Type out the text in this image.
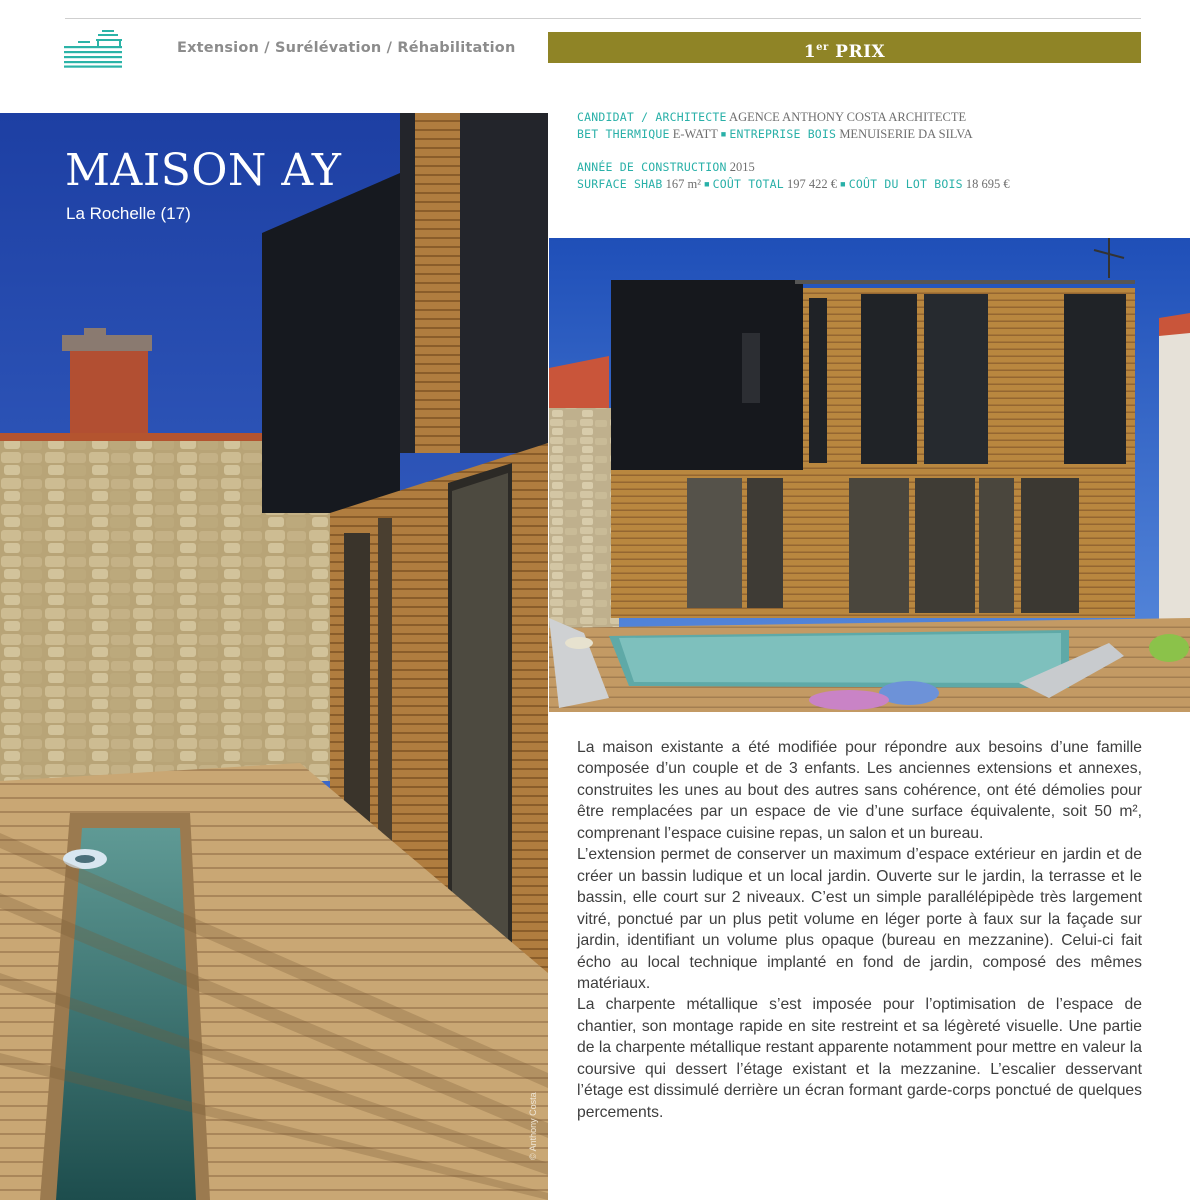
Extension / Surélévation / Réhabilitation	1er PRIX
MAISON AY
La Rochelle (17)
© Anthony Costa
CANDIDAT / ARCHITECTE AGENCE ANTHONY COSTA ARCHITECTE
BET THERMIQUE E-WATT ■ ENTREPRISE BOIS MENUISERIE DA SILVA
ANNÉE DE CONSTRUCTION 2015
SURFACE SHAB 167 m² ■ COÛT TOTAL 197 422 € ■ COÛT DU LOT BOIS 18 695 €

La maison existante a été modifiée pour répondre aux besoins d’une famille composée d’un couple et de 3 enfants. Les anciennes extensions et annexes, construites les unes au bout des autres sans cohérence, ont été démolies pour être remplacées par un espace de vie d’une surface équivalente, soit 50 m², comprenant l’espace cuisine repas, un salon et un bureau.

L’extension permet de conserver un maximum d’espace extérieur en jardin et de créer un bassin ludique et un local jardin. Ouverte sur le jardin, la terrasse et le bassin, elle court sur 2 niveaux. C’est un simple parallélépipède très largement vitré, ponctué par un plus petit volume en léger porte à faux sur la façade sur jardin, identifiant un volume plus opaque (bureau en mezzanine). Celui-ci fait écho au local technique implanté en fond de jardin, composé des mêmes matériaux.

La charpente métallique s’est imposée pour l’optimisation de l’espace de chantier, son montage rapide en site restreint et sa légèreté visuelle. Une partie de la charpente métallique restant apparente notamment pour mettre en valeur la coursive qui dessert l’étage existant et la mezzanine. L’escalier desservant l’étage est dissimulé derrière un écran formant garde-corps ponctué de quelques percements.
